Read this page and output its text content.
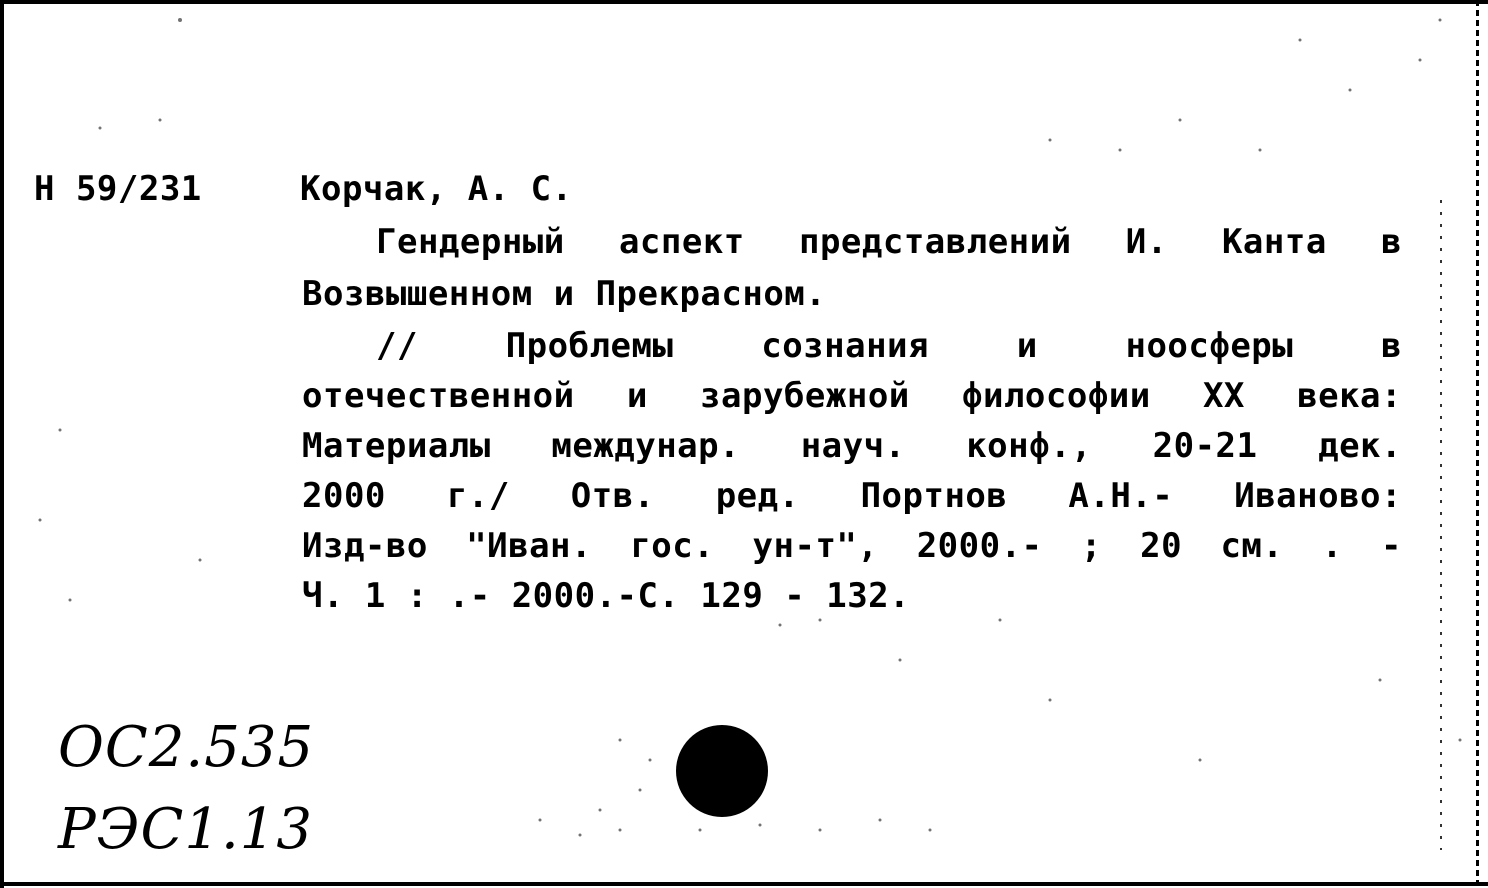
Н 59/231	Корчак, А. С.
Гендерный аспект представлений И. Канта в
Возвышенном и Прекрасном.
// Проблемы сознания и ноосферы в
отечественной и зарубежной философии XX века:
Материалы междунар. науч. конф., 20-21 дек.
2000 г./ Отв. ред. Портнов А.Н.- Иваново:
Изд-во "Иван. гос. ун-т", 2000.- ; 20 см. . -
Ч. 1 : .- 2000.-С. 129 - 132.
ОС2.535
РЭС1.13
